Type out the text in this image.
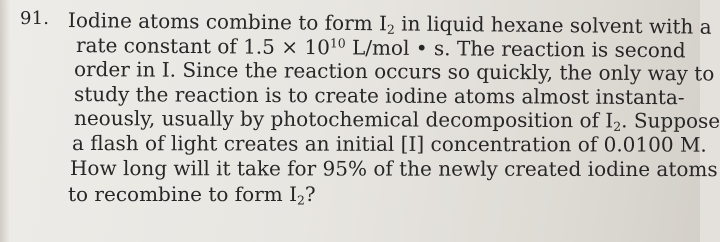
91. Iodine atoms combine to form $I_2$ in liquid hexane solvent with a
rate constant of $1.5 \times 10^{10}$ L/mol • s. The reaction is second
order in I. Since the reaction occurs so quickly, the only way to
study the reaction is to create iodine atoms almost instanta-
neously, usually by photochemical decomposition of $I_2$. Suppose
a flash of light creates an initial [I] concentration of 0.0100 M.
How long will it take for 95% of the newly created iodine atoms
to recombine to form $I_2$?
